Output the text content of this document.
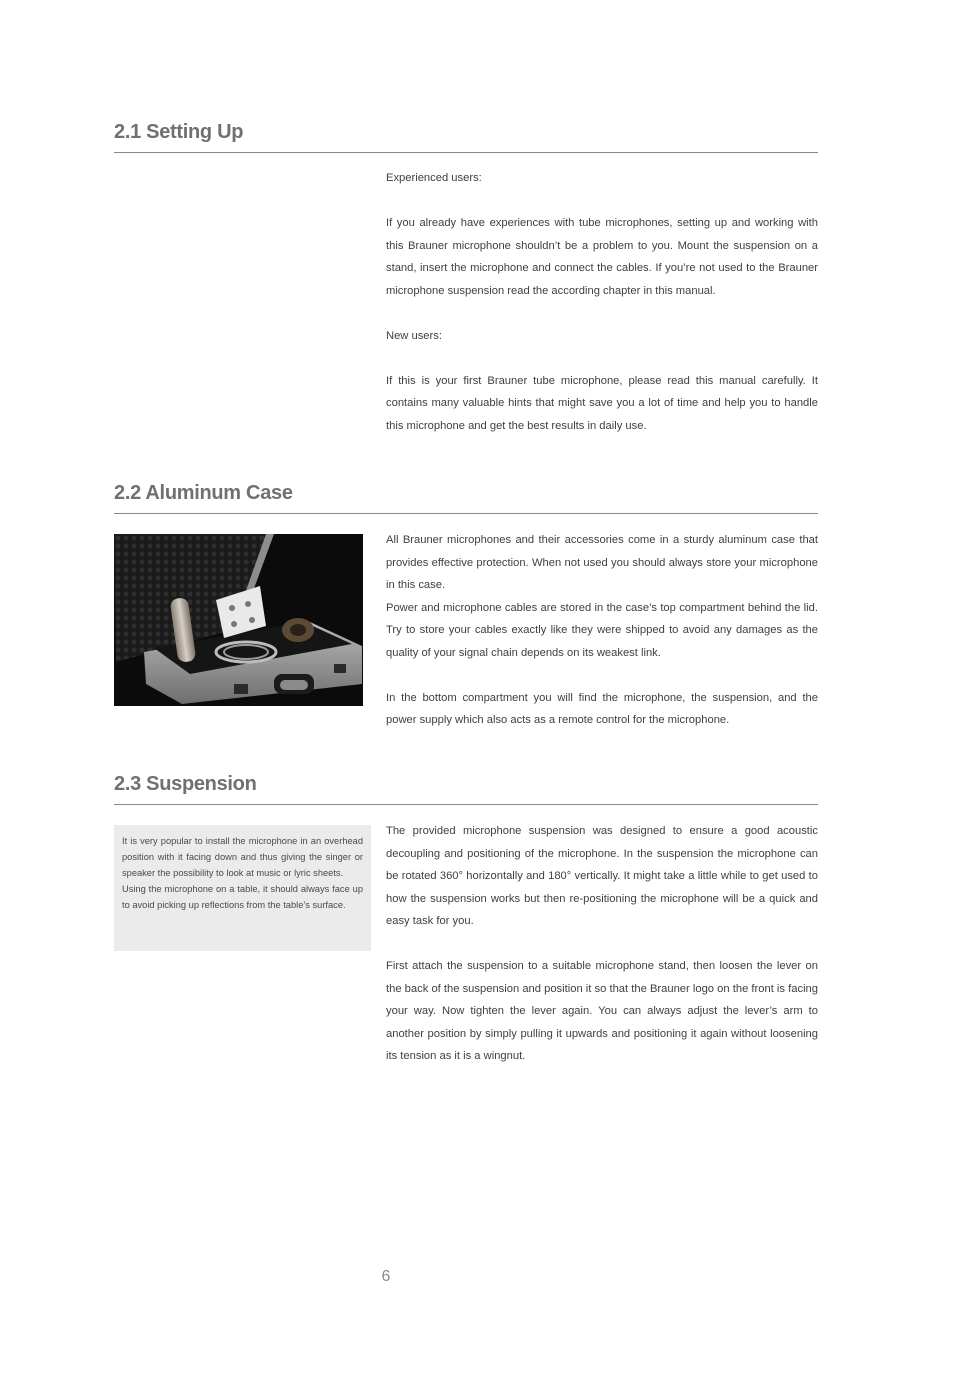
2.1 Setting Up

Experienced users:

If you already have experiences with tube microphones, setting up and working with this Brauner microphone shouldn’t be a problem to you. Mount the suspension on a stand, insert the microphone and connect the cables. If you’re not used to the Brauner microphone suspension read the according chapter in this manual.

New users:

If this is your first Brauner tube microphone, please read this manual carefully. It contains many valuable hints that might save you a lot of time and help you to handle this microphone and get the best results in daily use.

2.2 Aluminum Case

All Brauner microphones and their accessories come in a sturdy aluminum case that provides effective protection. When not used you should always store your microphone in this case.

Power and microphone cables are stored in the case’s top compartment behind the lid. Try to store your cables exactly like they were shipped to avoid any damages as the quality of your signal chain depends on its weakest link.

In the bottom compartment you will find the microphone, the suspension, and the power supply which also acts as a remote control for the microphone.

2.3 Suspension

It is very popular to install the microphone in an overhead position with it facing down and thus giving the singer or speaker the possibility to look at music or lyric sheets.

Using the microphone on a table, it should always face up to avoid picking up reflections from the table’s surface.

The provided microphone suspension was designed to ensure a good acoustic decoupling and positioning of the microphone. In the suspension the microphone can be rotated 360° horizontally and 180° vertically. It might take a little while to get used to how the suspension works but then re-positioning the microphone will be a quick and easy task for you.

First attach the suspension to a suitable microphone stand, then loosen the lever on the back of the suspension and position it so that the Brauner logo on the front is facing your way. Now tighten the lever again. You can always adjust the lever’s arm to another position by simply pulling it upwards and positioning it again without loosening its tension as it is a wingnut.

6
